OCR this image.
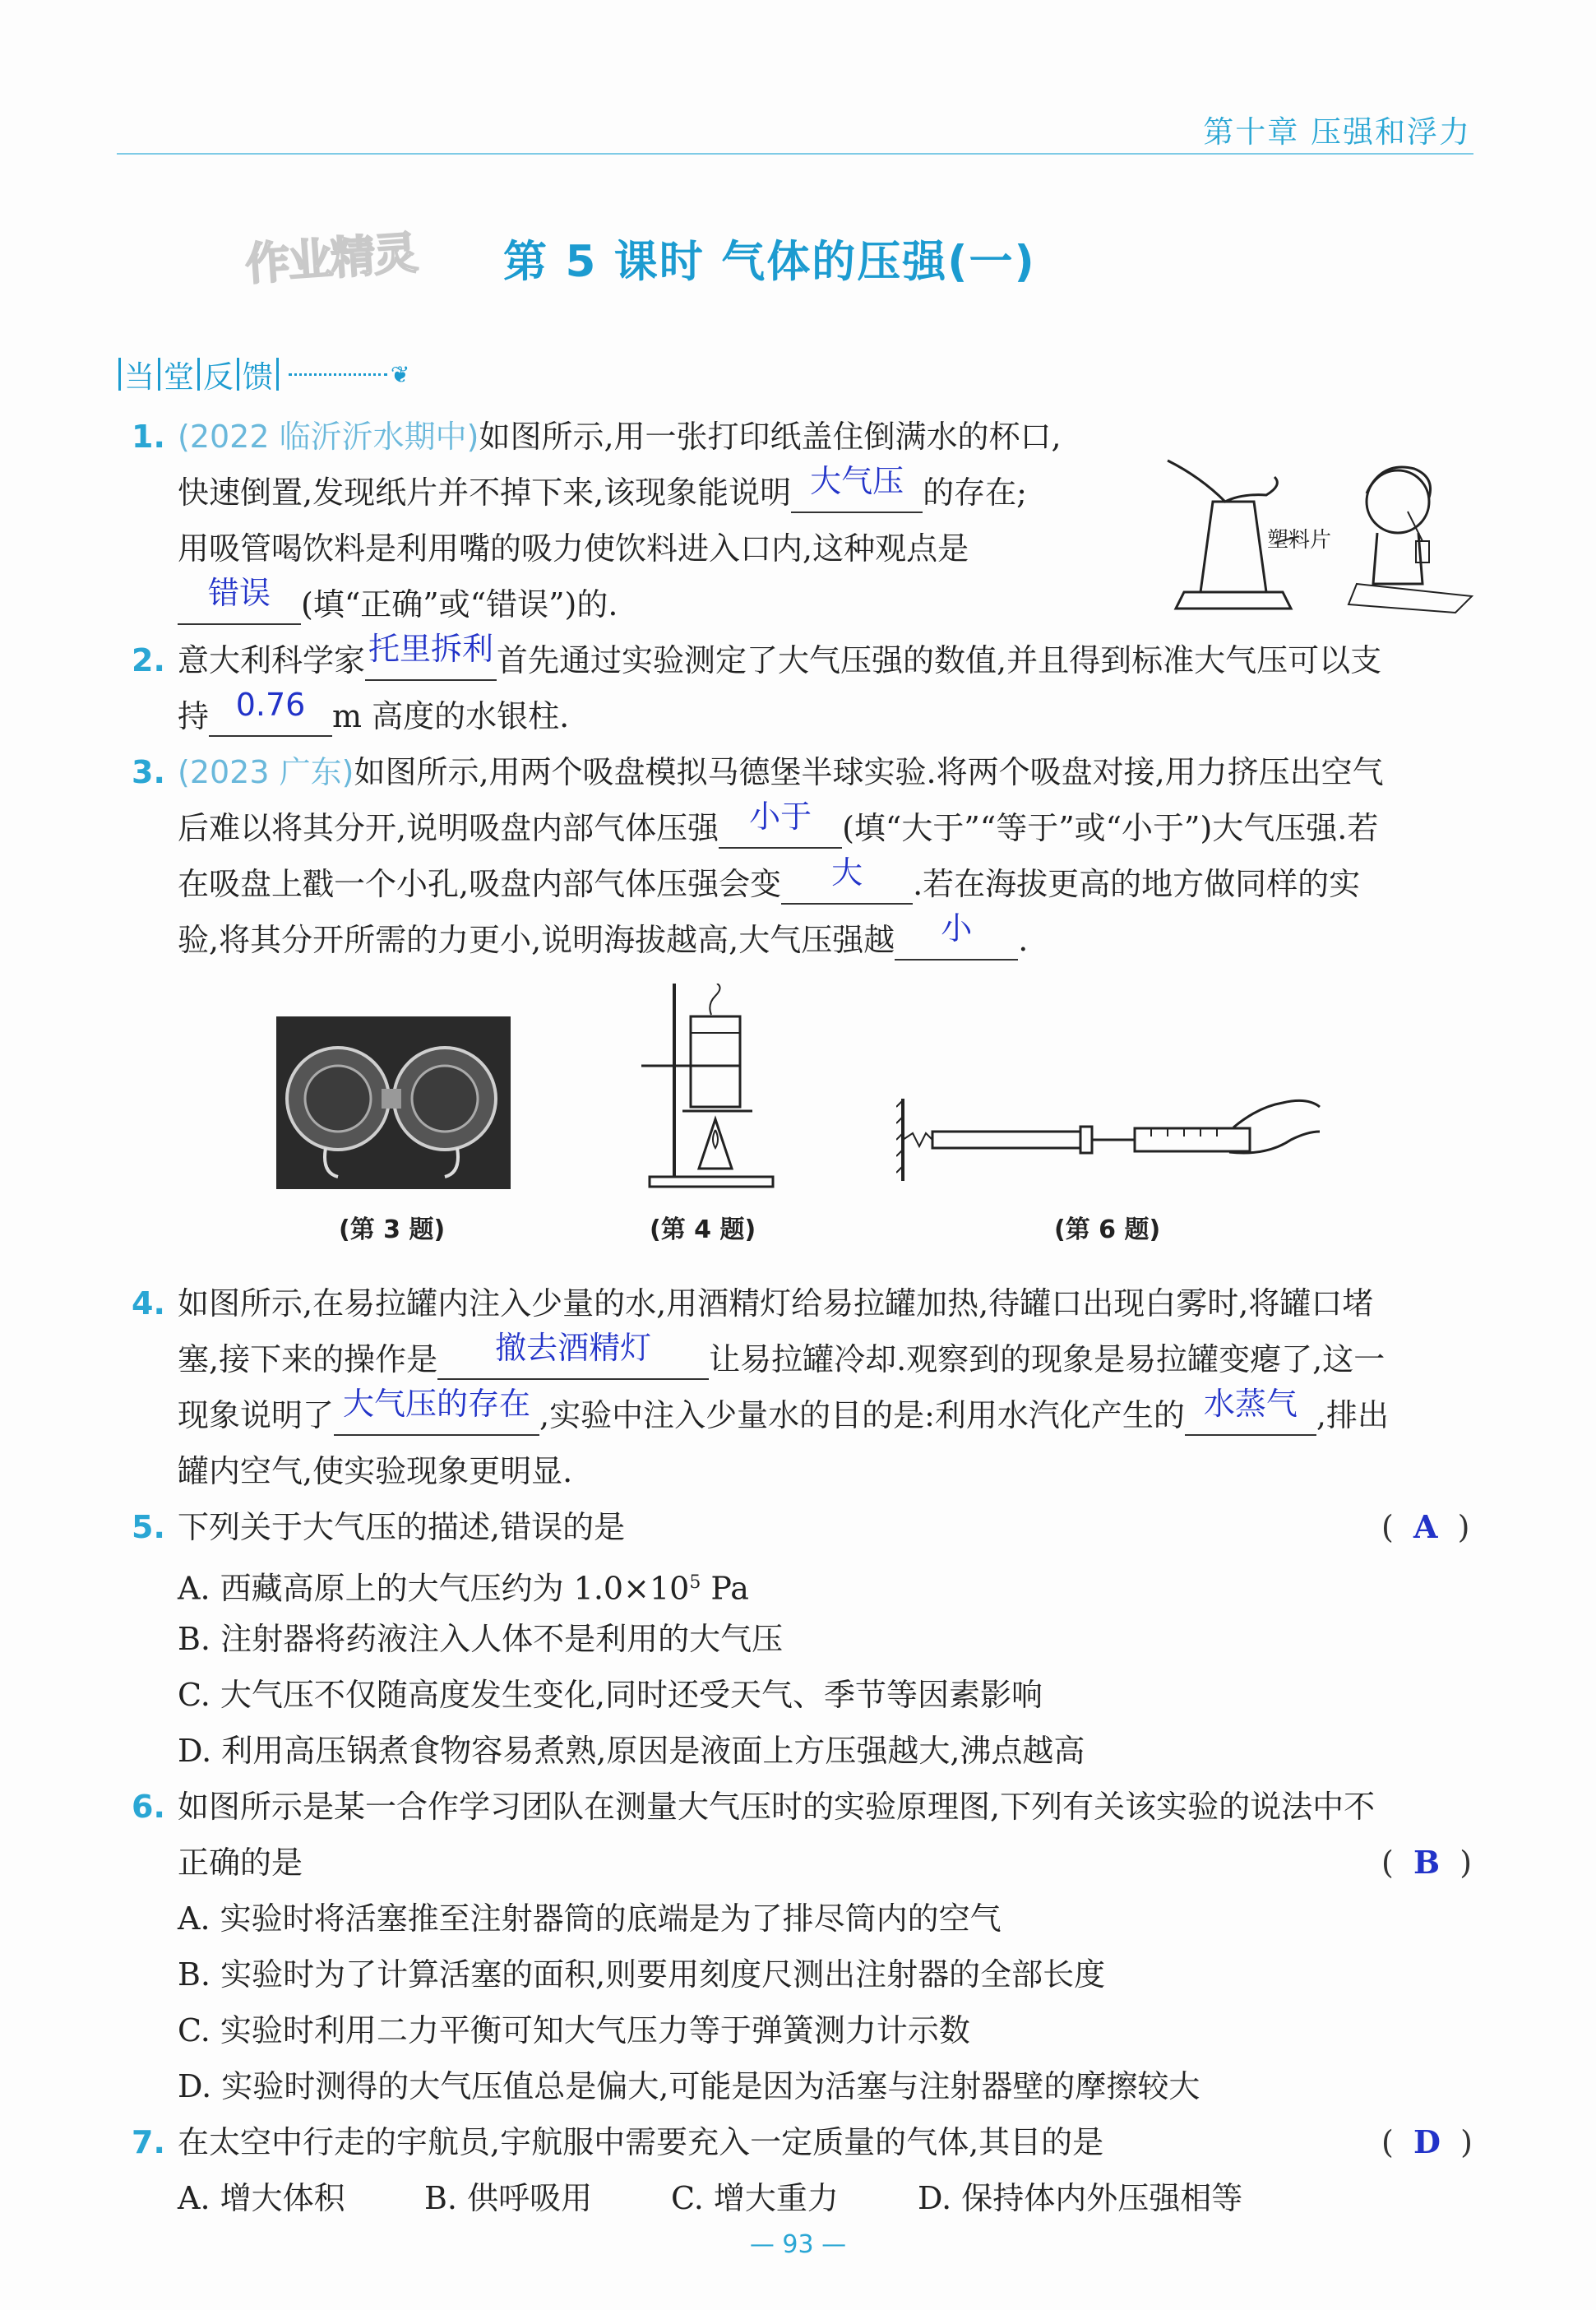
第十章 压强和浮力
作业精灵 第 5 课时 气体的压强(一)
当 堂 反 馈	❦
1. (2022 临沂沂水期中)如图所示,用一张打印纸盖住倒满水的杯口,
快速倒置,发现纸片并不掉下来,该现象能说明 大气压 的存在;
用吸管喝饮料是利用嘴的吸力使饮料进入口内,这种观点是
错误 (填“正确”或“错误”)的.
塑料片
2. 意大利科学家 托里拆利 首先通过实验测定了大气压强的数值,并且得到标准大气压可以支
持 0.76 m 高度的水银柱.
3. (2023 广东)如图所示,用两个吸盘模拟马德堡半球实验.将两个吸盘对接,用力挤压出空气
后难以将其分开,说明吸盘内部气体压强 小于 (填“大于”“等于”或“小于”)大气压强.若
在吸盘上戳一个小孔,吸盘内部气体压强会变 大 .若在海拔更高的地方做同样的实
验,将其分开所需的力更小,说明海拔越高,大气压强越 小 .
(第 3 题)	(第 4 题)	(第 6 题)
4. 如图所示,在易拉罐内注入少量的水,用酒精灯给易拉罐加热,待罐口出现白雾时,将罐口堵
塞,接下来的操作是 撤去酒精灯 让易拉罐冷却.观察到的现象是易拉罐变瘪了,这一
现象说明了 大气压的存在 ,实验中注入少量水的目的是:利用水汽化产生的 水蒸气 ,排出
罐内空气,使实验现象更明显.
5. 下列关于大气压的描述,错误的是	(  A  )
A. 西藏高原上的大气压约为 $1.0\times 10^5$ Pa
B. 注射器将药液注入人体不是利用的大气压
C. 大气压不仅随高度发生变化,同时还受天气、季节等因素影响
D. 利用高压锅煮食物容易煮熟,原因是液面上方压强越大,沸点越高
6. 如图所示是某一合作学习团队在测量大气压时的实验原理图,下列有关该实验的说法中不
正确的是	(  B  )
A. 实验时将活塞推至注射器筒的底端是为了排尽筒内的空气
B. 实验时为了计算活塞的面积,则要用刻度尺测出注射器的全部长度
C. 实验时利用二力平衡可知大气压力等于弹簧测力计示数
D. 实验时测得的大气压值总是偏大,可能是因为活塞与注射器壁的摩擦较大
7. 在太空中行走的宇航员,宇航服中需要充入一定质量的气体,其目的是	(  D  )
A. 增大体积	B. 供呼吸用	C. 增大重力	D. 保持体内外压强相等
— 93 —
